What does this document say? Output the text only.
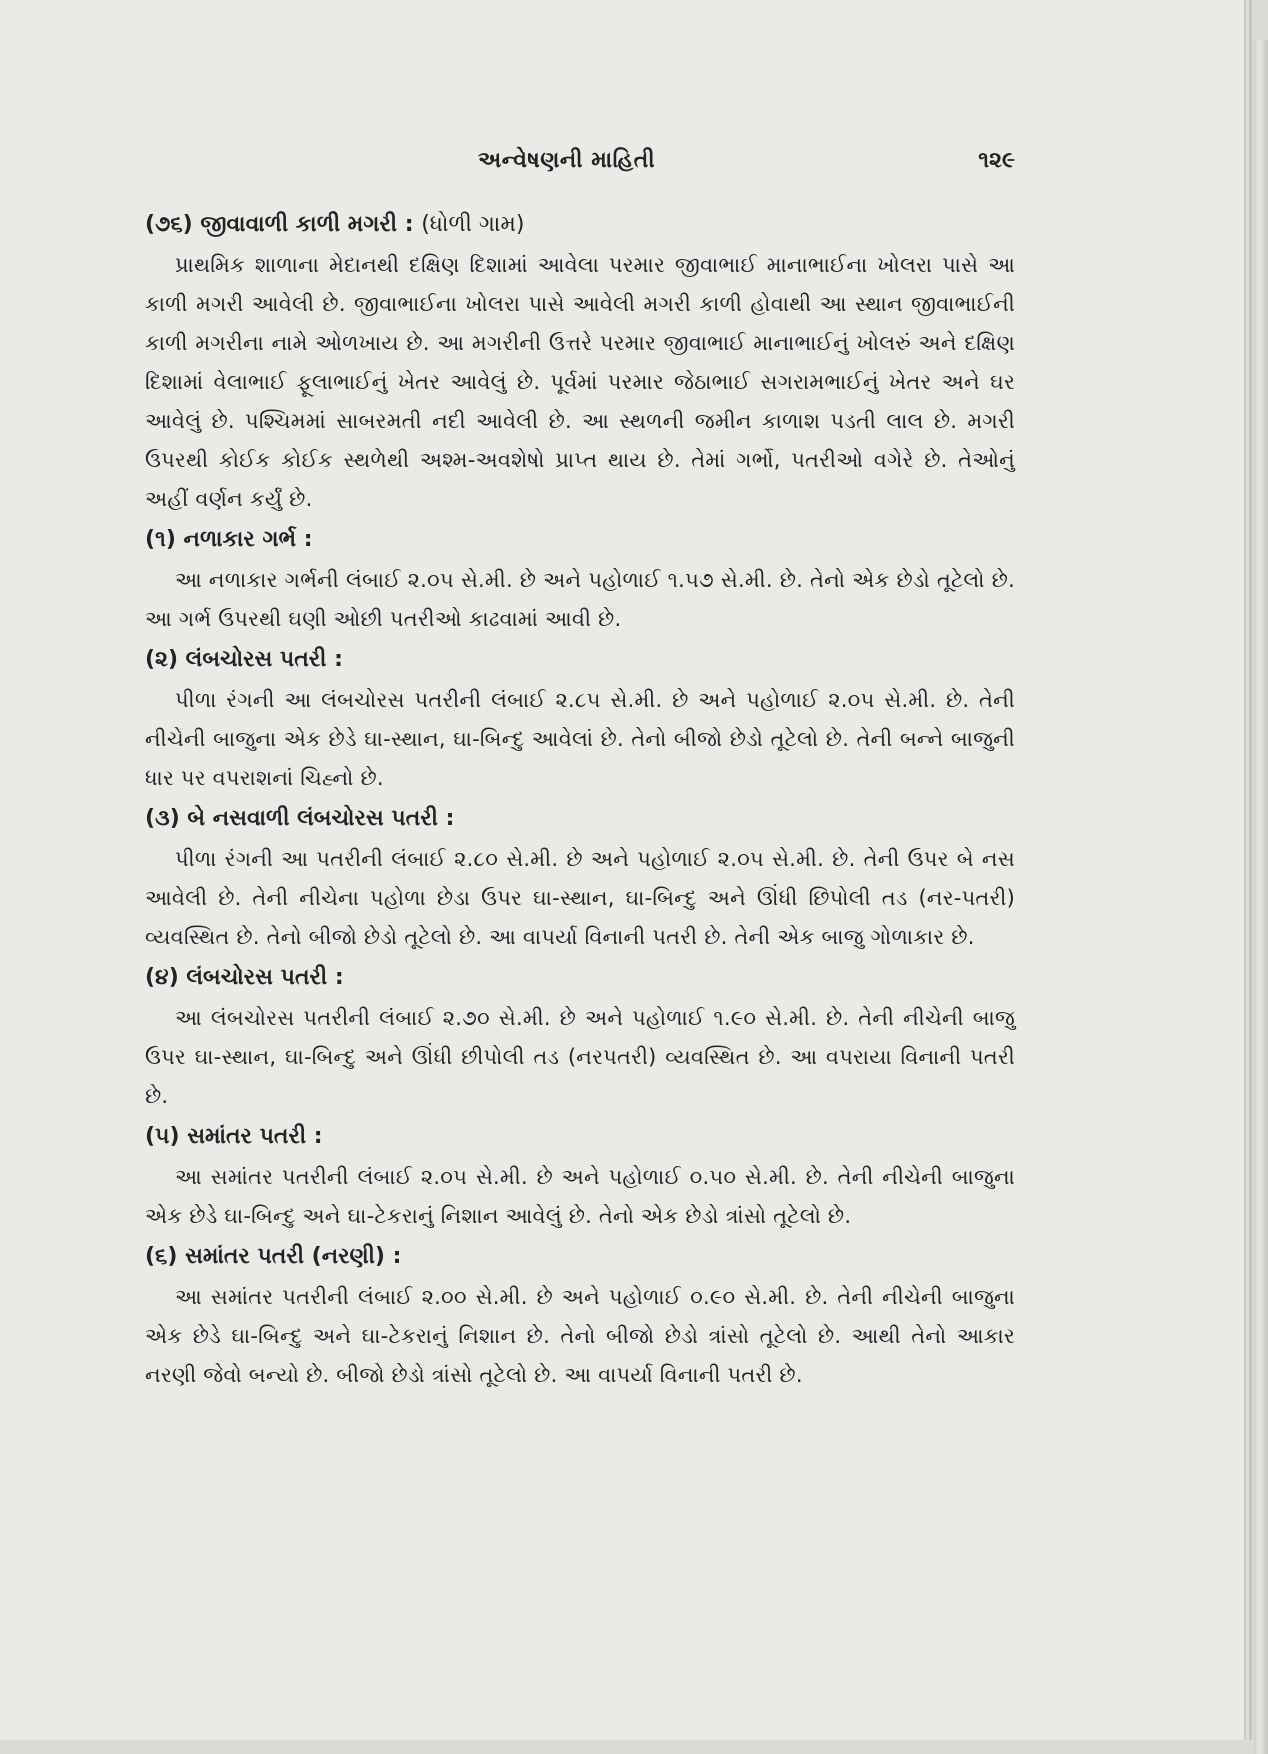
અન્વેષણની માહિતી	૧૨૯

(૭૬) જીવાવાળી કાળી મગરી : (ધોળી ગામ)

પ્રાથમિક શાળાના મેદાનથી દક્ષિણ દિશામાં આવેલા પરમાર જીવાભાઈ માનાભાઈના ખોલરા પાસે આ કાળી મગરી આવેલી છે. જીવાભાઈના ખોલરા પાસે આવેલી મગરી કાળી હોવાથી આ સ્થાન જીવાભાઈની કાળી મગરીના નામે ઓળખાય છે. આ મગરીની ઉત્તરે પરમાર જીવાભાઈ માનાભાઈનું ખોલરું અને દક્ષિણ દિશામાં વેલાભાઈ ફૂલાભાઈનું ખેતર આવેલું છે. પૂર્વમાં પરમાર જેઠાભાઈ સગરામભાઈનું ખેતર અને ઘર આવેલું છે. પશ્ચિમમાં સાબરમતી નદી આવેલી છે. આ સ્થળની જમીન કાળાશ પડતી લાલ છે. મગરી ઉપરથી કોઈક કોઈક સ્થળેથી અશ્મ-અવશેષો પ્રાપ્ત થાય છે. તેમાં ગર્ભો, પતરીઓ વગેરે છે. તેઓનું અહીં વર્ણન કર્યું છે.

(૧) નળાકાર ગર્ભ :

આ નળાકાર ગર્ભની લંબાઈ ૨.૦૫ સે.મી. છે અને પહોળાઈ ૧.૫૭ સે.મી. છે. તેનો એક છેડો તૂટેલો છે. આ ગર્ભ ઉપરથી ઘણી ઓછી પતરીઓ કાઢવામાં આવી છે.

(૨) લંબચોરસ પતરી :

પીળા રંગની આ લંબચોરસ પતરીની લંબાઈ ૨.૮૫ સે.મી. છે અને પહોળાઈ ૨.૦૫ સે.મી. છે. તેની નીચેની બાજુના એક છેડે ઘા-સ્થાન, ઘા-બિન્દુ આવેલાં છે. તેનો બીજો છેડો તૂટેલો છે. તેની બન્ને બાજુની ધાર પર વપરાશનાં ચિહ્નો છે.

(૩) બે નસવાળી લંબચોરસ પતરી :

પીળા રંગની આ પતરીની લંબાઈ ૨.૮૦ સે.મી. છે અને પહોળાઈ ૨.૦૫ સે.મી. છે. તેની ઉપર બે નસ આવેલી છે. તેની નીચેના પહોળા છેડા ઉપર ઘા-સ્થાન, ઘા-બિન્દુ અને ઊંધી છિપોલી તડ (નર-પતરી) વ્યવસ્થિત છે. તેનો બીજો છેડો તૂટેલો છે. આ વાપર્યા વિનાની પતરી છે. તેની એક બાજુ ગોળાકાર છે.

(૪) લંબચોરસ પતરી :

આ લંબચોરસ પતરીની લંબાઈ ૨.૭૦ સે.મી. છે અને પહોળાઈ ૧.૯૦ સે.મી. છે. તેની નીચેની બાજુ ઉપર ઘા-સ્થાન, ઘા-બિન્દુ અને ઊંધી છીપોલી તડ (નરપતરી) વ્યવસ્થિત છે. આ વપરાયા વિનાની પતરી છે.

(૫) સમાંતર પતરી :

આ સમાંતર પતરીની લંબાઈ ૨.૦૫ સે.મી. છે અને પહોળાઈ ૦.૫૦ સે.મી. છે. તેની નીચેની બાજુના એક છેડે ઘા-બિન્દુ અને ઘા-ટેકરાનું નિશાન આવેલું છે. તેનો એક છેડો ત્રાંસો તૂટેલો છે.

(૬) સમાંતર પતરી (નરણી) :

આ સમાંતર પતરીની લંબાઈ ૨.૦૦ સે.મી. છે અને પહોળાઈ ૦.૯૦ સે.મી. છે. તેની નીચેની બાજુના એક છેડે ઘા-બિન્દુ અને ઘા-ટેકરાનું નિશાન છે. તેનો બીજો છેડો ત્રાંસો તૂટેલો છે. આથી તેનો આકાર નરણી જેવો બન્યો છે. બીજો છેડો ત્રાંસો તૂટેલો છે. આ વાપર્યા વિનાની પતરી છે.
